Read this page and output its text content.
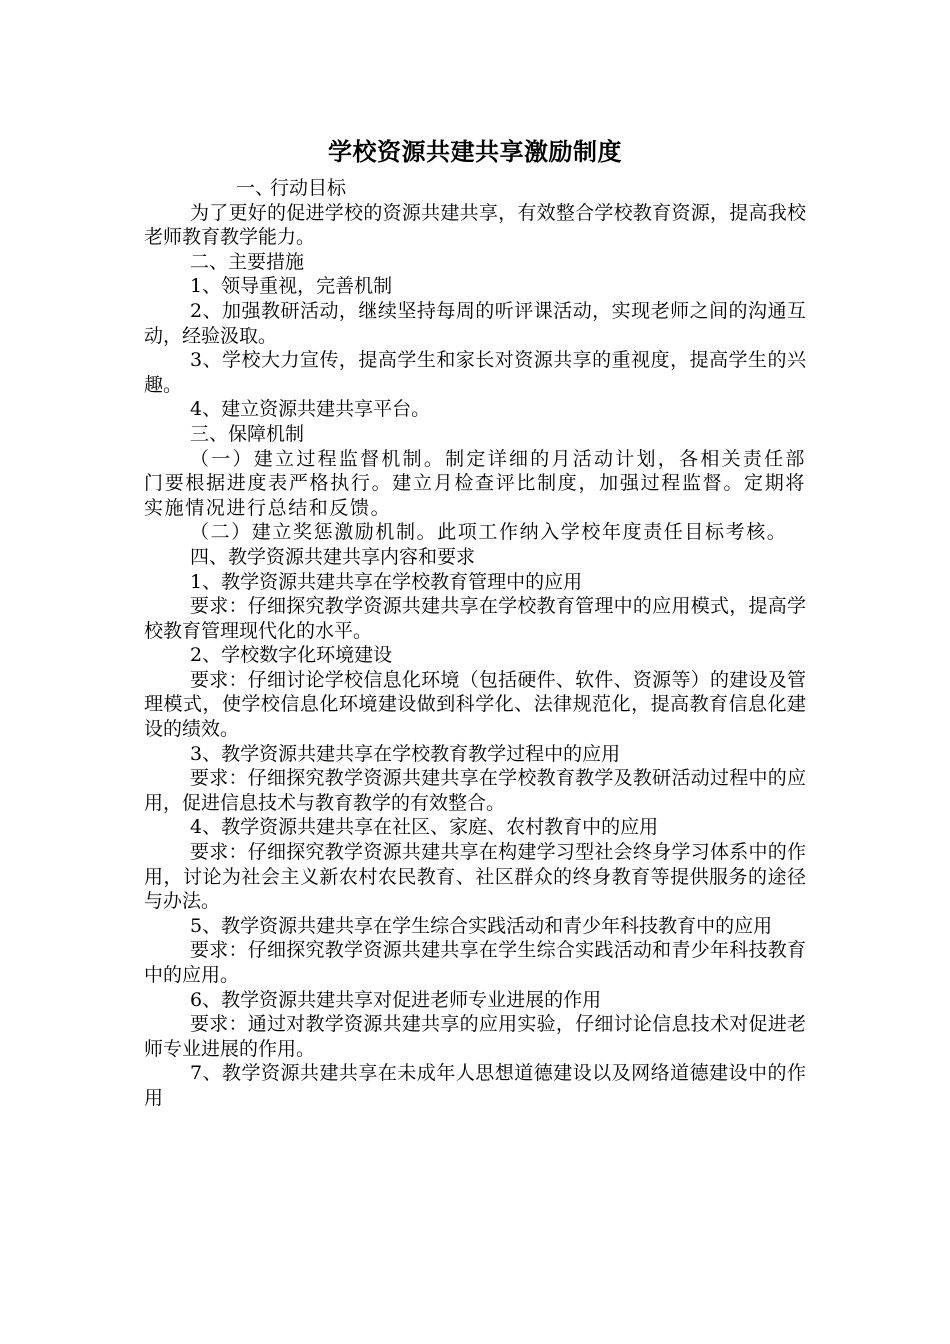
学校资源共建共享激励制度

一、行动目标

为了更好的促进学校的资源共建共享，有效整合学校教育资源，提高我校老师教育教学能力。

二、主要措施

1、领导重视，完善机制

2、加强教研活动，继续坚持每周的听评课活动，实现老师之间的沟通互动，经验汲取。

3、学校大力宣传，提高学生和家长对资源共享的重视度，提高学生的兴趣。

4、建立资源共建共享平台。

三、保障机制

（一）建立过程监督机制。制定详细的月活动计划，各相关责任部门要根据进度表严格执行。建立月检查评比制度，加强过程监督。定期将实施情况进行总结和反馈。

（二）建立奖惩激励机制。此项工作纳入学校年度责任目标考核。

四、教学资源共建共享内容和要求

1、教学资源共建共享在学校教育管理中的应用

要求：仔细探究教学资源共建共享在学校教育管理中的应用模式，提高学校教育管理现代化的水平。

2、学校数字化环境建设

要求：仔细讨论学校信息化环境（包括硬件、软件、资源等）的建设及管理模式，使学校信息化环境建设做到科学化、法律规范化，提高教育信息化建设的绩效。

3、教学资源共建共享在学校教育教学过程中的应用

要求：仔细探究教学资源共建共享在学校教育教学及教研活动过程中的应用，促进信息技术与教育教学的有效整合。

4、教学资源共建共享在社区、家庭、农村教育中的应用

要求：仔细探究教学资源共建共享在构建学习型社会终身学习体系中的作用，讨论为社会主义新农村农民教育、社区群众的终身教育等提供服务的途径与办法。

5、教学资源共建共享在学生综合实践活动和青少年科技教育中的应用

要求：仔细探究教学资源共建共享在学生综合实践活动和青少年科技教育中的应用。

6、教学资源共建共享对促进老师专业进展的作用

要求：通过对教学资源共建共享的应用实验，仔细讨论信息技术对促进老师专业进展的作用。

7、教学资源共建共享在未成年人思想道德建设以及网络道德建设中的作用
